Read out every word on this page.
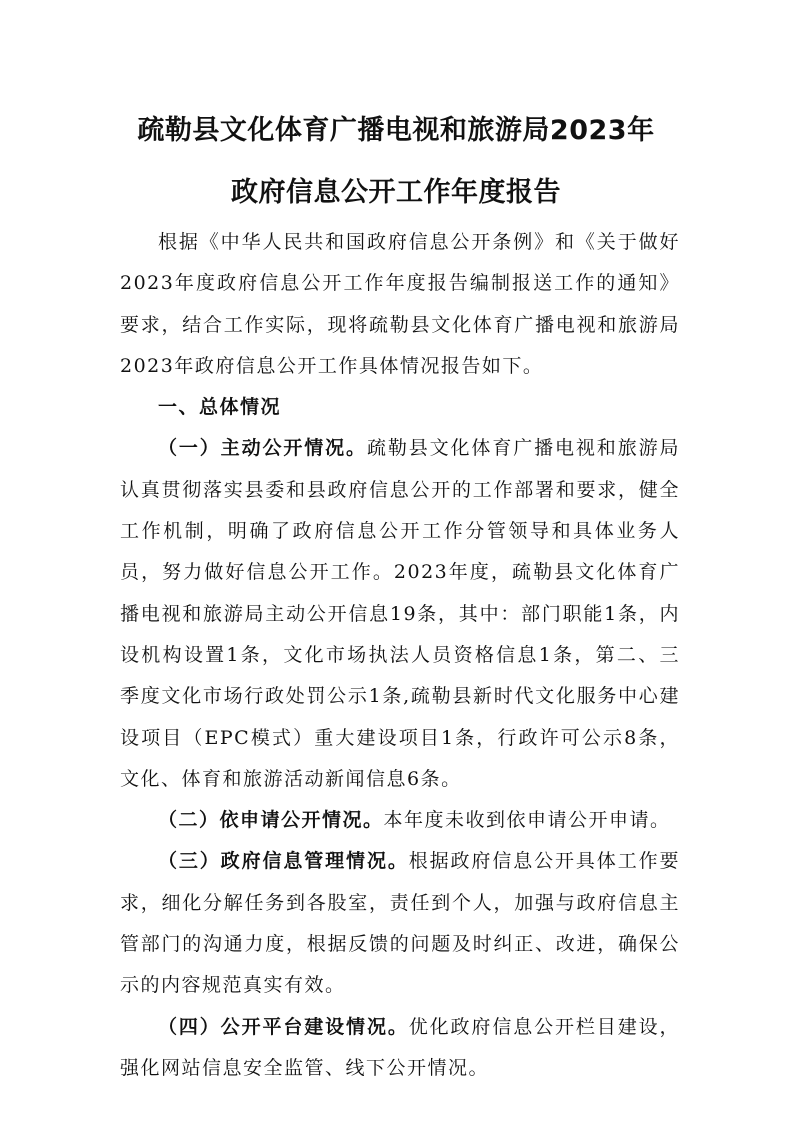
疏勒县文化体育广播电视和旅游局2023年
政府信息公开工作年度报告

根据《中华人民共和国政府信息公开条例》和《关于做好2023年度政府信息公开工作年度报告编制报送工作的通知》要求，结合工作实际，现将疏勒县文化体育广播电视和旅游局2023年政府信息公开工作具体情况报告如下。

一、总体情况

（一）主动公开情况。疏勒县文化体育广播电视和旅游局认真贯彻落实县委和县政府信息公开的工作部署和要求，健全工作机制，明确了政府信息公开工作分管领导和具体业务人员，努力做好信息公开工作。2023年度，疏勒县文化体育广播电视和旅游局主动公开信息19条，其中：部门职能1条，内设机构设置1条，文化市场执法人员资格信息1条，第二、三季度文化市场行政处罚公示1条,疏勒县新时代文化服务中心建设项目（EPC模式）重大建设项目1条，行政许可公示8条，文化、体育和旅游活动新闻信息6条。

（二）依申请公开情况。本年度未收到依申请公开申请。

（三）政府信息管理情况。根据政府信息公开具体工作要求，细化分解任务到各股室，责任到个人，加强与政府信息主管部门的沟通力度，根据反馈的问题及时纠正、改进，确保公示的内容规范真实有效。

（四）公开平台建设情况。优化政府信息公开栏目建设，强化网站信息安全监管、线下公开情况。
